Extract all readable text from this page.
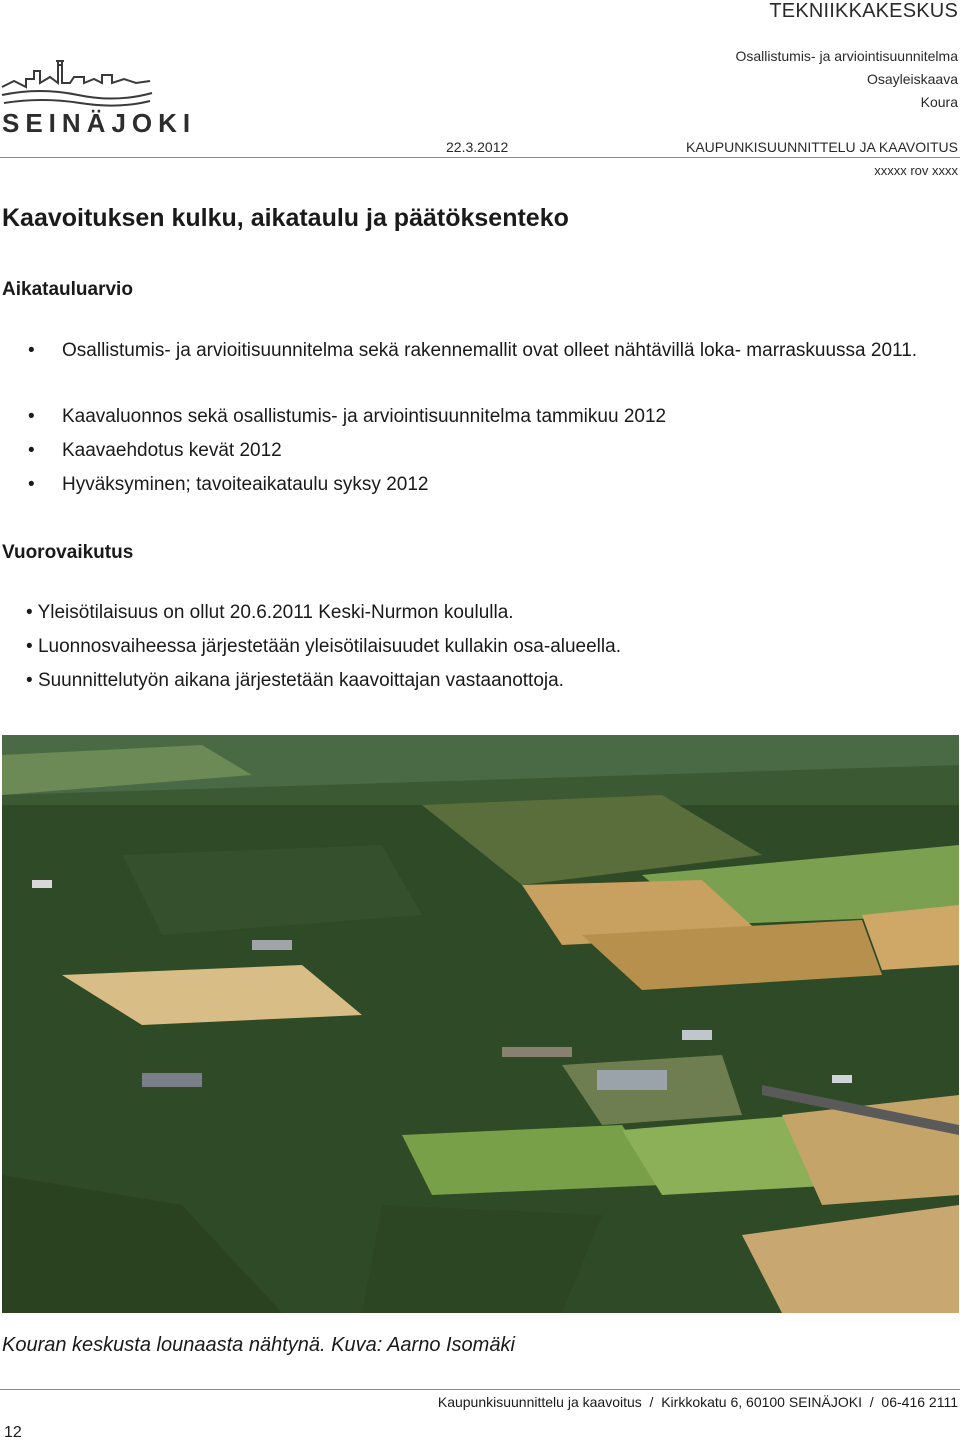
TEKNIIKKAKESKUS
Osallistumis- ja arviointisuunnitelma
Osayleiskaava
Koura
SEINÄJOKI
22.3.2012	KAUPUNKISUUNNITTELU JA KAAVOITUS
xxxxx rov xxxx
Kaavoituksen kulku, aikataulu ja päätöksenteko
Aikatauluarvio
• Osallistumis- ja arvioitisuunnitelma sekä rakennemallit ovat olleet nähtävillä loka- marraskuussa 2011.
• Kaavaluonnos sekä osallistumis- ja arviointisuunnitelma tammikuu 2012
• Kaavaehdotus kevät 2012
• Hyväksyminen; tavoiteaikataulu syksy 2012
Vuorovaikutus
• Yleisötilaisuus on ollut 20.6.2011 Keski-Nurmon koululla.
• Luonnosvaiheessa järjestetään yleisötilaisuudet kullakin osa-alueella.
• Suunnittelutyön aikana järjestetään kaavoittajan vastaanottoja.
Kouran keskusta lounaasta nähtynä. Kuva: Aarno Isomäki
Kaupunkisuunnittelu ja kaavoitus  /  Kirkkokatu 6, 60100 SEINÄJOKI  /  06-416 2111
12
